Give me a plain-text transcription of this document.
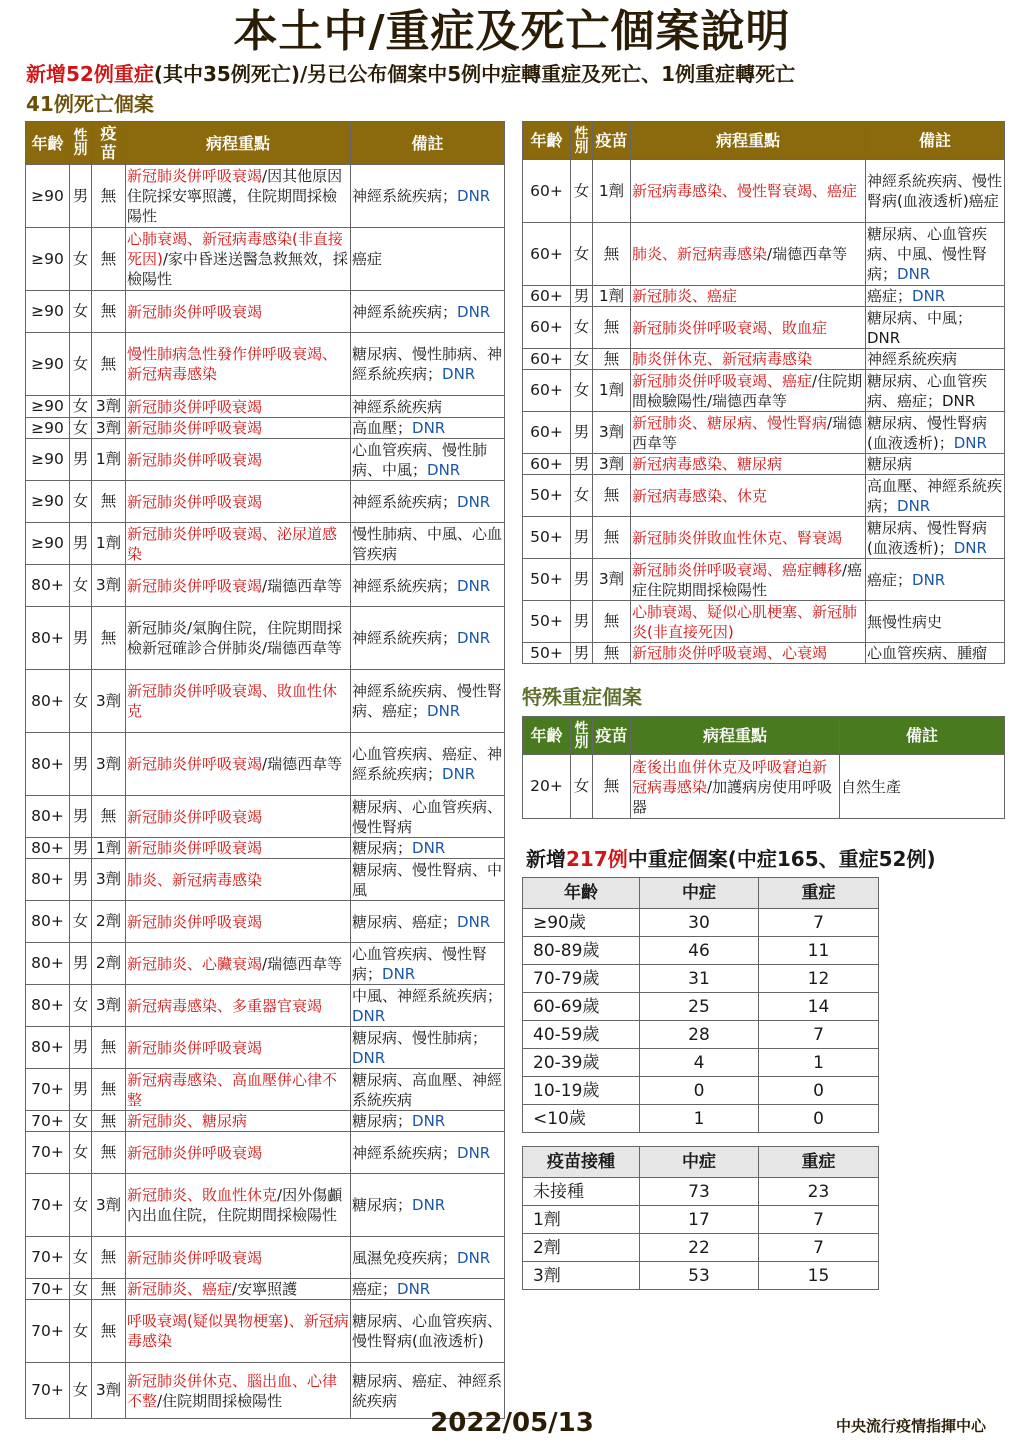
本土中/重症及死亡個案說明
新增52例重症(其中35例死亡)/另已公布個案中5例中症轉重症及死亡、1例重症轉死亡
41例死亡個案
年齡	性別	疫苗	病程重點	備註
≥90	男	無	新冠肺炎併呼吸衰竭/因其他原因住院採安寧照護，住院期間採檢陽性	神經系統疾病；DNR
≥90	女	無	心肺衰竭、新冠病毒感染(非直接死因)/家中昏迷送醫急救無效，採檢陽性	癌症
≥90	女	無	新冠肺炎併呼吸衰竭	神經系統疾病；DNR
≥90	女	無	慢性肺病急性發作併呼吸衰竭、新冠病毒感染	糖尿病、慢性肺病、神經系統疾病；DNR
≥90	女	3劑	新冠肺炎併呼吸衰竭	神經系統疾病
≥90	女	3劑	新冠肺炎併呼吸衰竭	高血壓；DNR
≥90	男	1劑	新冠肺炎併呼吸衰竭	心血管疾病、慢性肺病、中風；DNR
≥90	女	無	新冠肺炎併呼吸衰竭	神經系統疾病；DNR
≥90	男	1劑	新冠肺炎併呼吸衰竭、泌尿道感染	慢性肺病、中風、心血管疾病
80+	女	3劑	新冠肺炎併呼吸衰竭/瑞德西韋等	神經系統疾病；DNR
80+	男	無	新冠肺炎/氣胸住院，住院期間採檢新冠確診合併肺炎/瑞德西韋等	神經系統疾病；DNR
80+	女	3劑	新冠肺炎併呼吸衰竭、敗血性休克	神經系統疾病、慢性腎病、癌症；DNR
80+	男	3劑	新冠肺炎併呼吸衰竭/瑞德西韋等	心血管疾病、癌症、神經系統疾病；DNR
80+	男	無	新冠肺炎併呼吸衰竭	糖尿病、心血管疾病、慢性腎病
80+	男	1劑	新冠肺炎併呼吸衰竭	糖尿病；DNR
80+	男	3劑	肺炎、新冠病毒感染	糖尿病、慢性腎病、中風
80+	女	2劑	新冠肺炎併呼吸衰竭	糖尿病、癌症；DNR
80+	男	2劑	新冠肺炎、心臟衰竭/瑞德西韋等	心血管疾病、慢性腎病；DNR
80+	女	3劑	新冠病毒感染、多重器官衰竭	中風、神經系統疾病；DNR
80+	男	無	新冠肺炎併呼吸衰竭	糖尿病、慢性肺病；DNR
70+	男	無	新冠病毒感染、高血壓併心律不整	糖尿病、高血壓、神經系統疾病
70+	女	無	新冠肺炎、糖尿病	糖尿病；DNR
70+	女	無	新冠肺炎併呼吸衰竭	神經系統疾病；DNR
70+	女	3劑	新冠肺炎、敗血性休克/因外傷顱內出血住院，住院期間採檢陽性	糖尿病；DNR
70+	女	無	新冠肺炎併呼吸衰竭	風濕免疫疾病；DNR
70+	女	無	新冠肺炎、癌症/安寧照護	癌症；DNR
70+	女	無	呼吸衰竭(疑似異物梗塞)、新冠病毒感染	糖尿病、心血管疾病、慢性腎病(血液透析)
70+	女	3劑	新冠肺炎併休克、腦出血、心律不整/住院期間採檢陽性	糖尿病、癌症、神經系統疾病
年齡	性別	疫苗	病程重點	備註
60+	女	1劑	新冠病毒感染、慢性腎衰竭、癌症	神經系統疾病、慢性腎病(血液透析)癌症
60+	女	無	肺炎、新冠病毒感染/瑞德西韋等	糖尿病、心血管疾病、中風、慢性腎病；DNR
60+	男	1劑	新冠肺炎、癌症	癌症；DNR
60+	女	無	新冠肺炎併呼吸衰竭、敗血症	糖尿病、中風；DNR
60+	女	無	肺炎併休克、新冠病毒感染	神經系統疾病
60+	女	1劑	新冠肺炎併呼吸衰竭、癌症/住院期間檢驗陽性/瑞德西韋等	糖尿病、心血管疾病、癌症；DNR
60+	男	3劑	新冠肺炎、糖尿病、慢性腎病/瑞德西韋等	糖尿病、慢性腎病(血液透析)；DNR
60+	男	3劑	新冠病毒感染、糖尿病	糖尿病
50+	女	無	新冠病毒感染、休克	高血壓、神經系統疾病；DNR
50+	男	無	新冠肺炎併敗血性休克、腎衰竭	糖尿病、慢性腎病(血液透析)；DNR
50+	男	3劑	新冠肺炎併呼吸衰竭、癌症轉移/癌症住院期間採檢陽性	癌症；DNR
50+	男	無	心肺衰竭、疑似心肌梗塞、新冠肺炎(非直接死因)	無慢性病史
50+	男	無	新冠肺炎併呼吸衰竭、心衰竭	心血管疾病、腫瘤
特殊重症個案
年齡	性別	疫苗	病程重點	備註
20+	女	無	產後出血併休克及呼吸窘迫新冠病毒感染/加護病房使用呼吸器	自然生產
新增217例中重症個案(中症165、重症52例)
年齡	中症	重症
≥90歲	30	7
80-89歲	46	11
70-79歲	31	12
60-69歲	25	14
40-59歲	28	7
20-39歲	4	1
10-19歲	0	0
<10歲	1	0
疫苗接種	中症	重症
未接種	73	23
1劑	17	7
2劑	22	7
3劑	53	15
2022/05/13	中央流行疫情指揮中心
